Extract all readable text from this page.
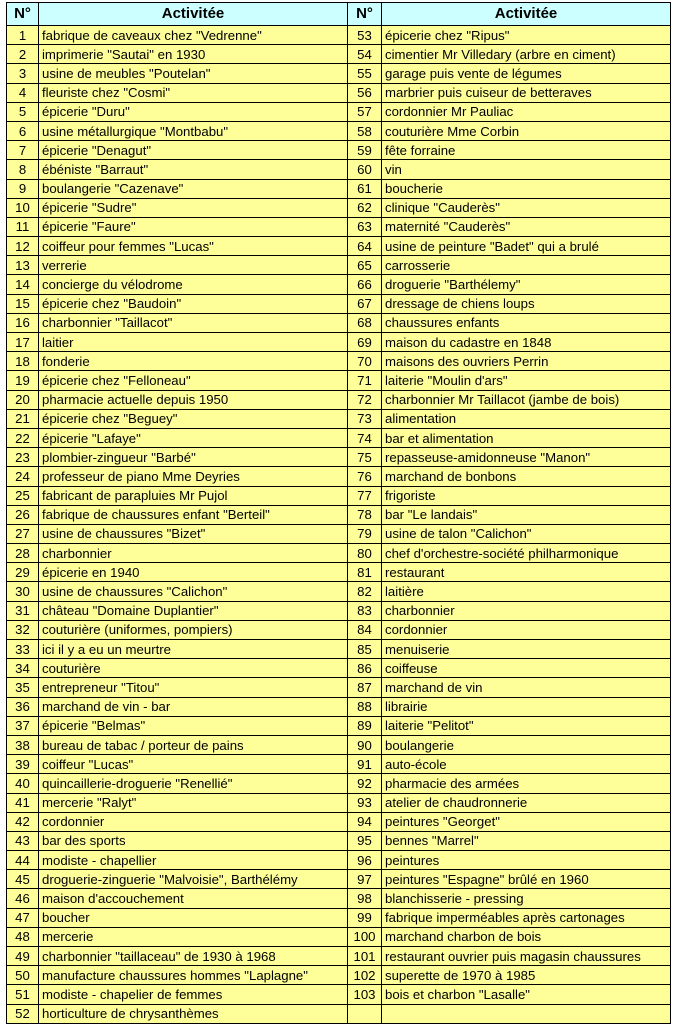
N°	Activitée	N°	Activitée
1	fabrique de caveaux chez "Vedrenne"	53	épicerie chez "Ripus"
2	imprimerie "Sautai" en 1930	54	cimentier Mr Villedary (arbre en ciment)
3	usine de meubles "Poutelan"	55	garage puis vente de légumes
4	fleuriste chez "Cosmi"	56	marbrier puis cuiseur de betteraves
5	épicerie "Duru"	57	cordonnier Mr Pauliac
6	usine métallurgique "Montbabu"	58	couturière Mme Corbin
7	épicerie "Denagut"	59	fête forraine
8	ébéniste "Barraut"	60	vin
9	boulangerie "Cazenave"	61	boucherie
10	épicerie "Sudre"	62	clinique "Cauderès"
11	épicerie "Faure"	63	maternité "Cauderès"
12	coiffeur pour femmes "Lucas"	64	usine de peinture "Badet" qui a brulé
13	verrerie	65	carrosserie
14	concierge du vélodrome	66	droguerie "Barthélemy"
15	épicerie chez "Baudoin"	67	dressage de chiens loups
16	charbonnier "Taillacot"	68	chaussures enfants
17	laitier	69	maison du cadastre en 1848
18	fonderie	70	maisons des ouvriers Perrin
19	épicerie chez "Felloneau"	71	laiterie "Moulin d'ars"
20	pharmacie actuelle depuis 1950	72	charbonnier Mr Taillacot (jambe de bois)
21	épicerie chez "Beguey"	73	alimentation
22	épicerie "Lafaye"	74	bar et alimentation
23	plombier-zingueur "Barbé"	75	repasseuse-amidonneuse "Manon"
24	professeur de piano Mme Deyries	76	marchand de bonbons
25	fabricant de parapluies Mr Pujol	77	frigoriste
26	fabrique de chaussures enfant "Berteil"	78	bar "Le landais"
27	usine de chaussures "Bizet"	79	usine de talon "Calichon"
28	charbonnier	80	chef d'orchestre-société philharmonique
29	épicerie en 1940	81	restaurant
30	usine de chaussures "Calichon"	82	laitière
31	château "Domaine Duplantier"	83	charbonnier
32	couturière (uniformes, pompiers)	84	cordonnier
33	ici il y a eu un meurtre	85	menuiserie
34	couturière	86	coiffeuse
35	entrepreneur "Titou"	87	marchand de vin
36	marchand de vin - bar	88	librairie
37	épicerie "Belmas"	89	laiterie "Pelitot"
38	bureau de tabac / porteur de pains	90	boulangerie
39	coiffeur "Lucas"	91	auto-école
40	quincaillerie-droguerie "Renellié"	92	pharmacie des armées
41	mercerie "Ralyt"	93	atelier de chaudronnerie
42	cordonnier	94	peintures "Georget"
43	bar des sports	95	bennes "Marrel"
44	modiste - chapellier	96	peintures
45	droguerie-zinguerie "Malvoisie", Barthélémy	97	peintures "Espagne" brûlé en 1960
46	maison d'accouchement	98	blanchisserie - pressing
47	boucher	99	fabrique imperméables après cartonages
48	mercerie	100	marchand charbon de bois
49	charbonnier "taillaceau" de 1930 à 1968	101	restaurant ouvrier puis magasin chaussures
50	manufacture chaussures hommes "Laplagne"	102	superette de 1970 à 1985
51	modiste - chapelier de femmes	103	bois et charbon "Lasalle"
52	horticulture de chrysanthèmes		
